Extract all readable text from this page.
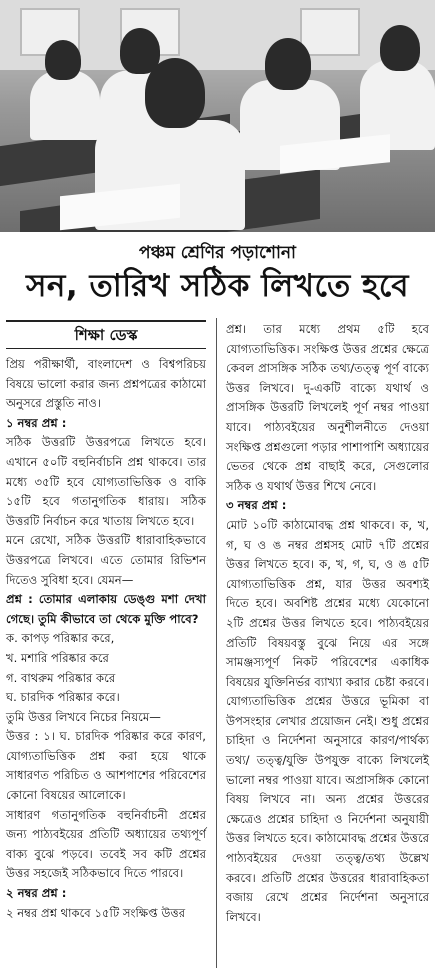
পঞ্চম শ্রেণির পড়াশোনা
সন, তারিখ সঠিক লিখতে হবে
শিক্ষা ডেস্ক
প্রিয় পরীক্ষার্থী, বাংলাদেশ ও বিশ্বপরিচয় বিষয়ে ভালো করার জন্য প্রশ্নপত্রের কাঠামো অনুসরে প্রস্তুতি নাও।
১ নম্বর প্রশ্ন :
সঠিক উত্তরটি উত্তরপত্রে লিখতে হবে। এখানে ৫০টি বহুনির্বাচনি প্রশ্ন থাকবে। তার মধ্যে ৩৫টি হবে যোগ্যতাভিত্তিক ও বাকি ১৫টি হবে গতানুগতিক ধারায়। সঠিক উত্তরটি নির্বাচন করে খাতায় লিখতে হবে।
মনে রেখো, সঠিক উত্তরটি ধারাবাহিকভাবে উত্তরপত্রে লিখবে। এতে তোমার রিভিশন দিতেও সুবিধা হবে। যেমন—
প্রশ্ন : তোমার এলাকায় ডেঙ্গু মশা দেখা গেছে। তুমি কীভাবে তা থেকে মুক্তি পাবে?
ক. কাপড় পরিষ্কার করে,
খ. মশারি পরিষ্কার করে
গ. বাথরুম পরিষ্কার করে
ঘ. চারদিক পরিষ্কার করে।
তুমি উত্তর লিখবে নিচের নিয়মে—
উত্তর : ১। ঘ. চারদিক পরিষ্কার করে কারণ, যোগ্যতাভিত্তিক প্রশ্ন করা হয়ে থাকে সাধারণত পরিচিত ও আশপাশের পরিবেশের কোনো বিষয়ের আলোকে।
সাধারণ গতানুগতিক বহুনির্বাচনী প্রশ্নের জন্য পাঠ্যবইয়ের প্রতিটি অধ্যায়ের তথ্যপূর্ণ বাক্য বুঝে পড়বে। তবেই সব কটি প্রশ্নের উত্তর সহজেই সঠিকভাবে দিতে পারবে।
২ নম্বর প্রশ্ন :
২ নম্বর প্রশ্ন থাকবে ১৫টি সংক্ষিপ্ত উত্তর
প্রশ্ন। তার মধ্যে প্রথম ৫টি হবে যোগ্যতাভিত্তিক। সংক্ষিপ্ত উত্তর প্রশ্নের ক্ষেত্রে কেবল প্রাসঙ্গিক সঠিক তথ্য/তত্ত্ব পূর্ণ বাক্যে উত্তর লিখবে। দু-একটি বাক্যে যথার্থ ও প্রাসঙ্গিক উত্তরটি লিখলেই পূর্ণ নম্বর পাওয়া যাবে। পাঠ্যবইয়ের অনুশীলনীতে দেওয়া সংক্ষিপ্ত প্রশ্নগুলো পড়ার পাশাপাশি অধ্যায়ের ভেতর থেকে প্রশ্ন বাছাই করে, সেগুলোর সঠিক ও যথার্থ উত্তর শিখে নেবে।
৩ নম্বর প্রশ্ন :
মোট ১০টি কাঠামোবদ্ধ প্রশ্ন থাকবে। ক, খ, গ, ঘ ও ঙ নম্বর প্রশ্নসহ মোট ৭টি প্রশ্নের উত্তর লিখতে হবে। ক, খ, গ, ঘ, ও ঙ ৫টি যোগ্যতাভিত্তিক প্রশ্ন, যার উত্তর অবশ্যই দিতে হবে। অবশিষ্ট প্রশ্নের মধ্যে যেকোনো ২টি প্রশ্নের উত্তর লিখতে হবে। পাঠ্যবইয়ের প্রতিটি বিষয়বস্তু বুঝে নিয়ে এর সঙ্গে সামঞ্জস্যপূর্ণ নিকট পরিবেশের একাধিক বিষয়ের যুক্তিনির্ভর ব্যাখ্যা করার চেষ্টা করবে। যোগ্যতাভিত্তিক প্রশ্নের উত্তরে ভূমিকা বা উপসংহার লেখার প্রয়োজন নেই। শুধু প্রশ্নের চাহিদা ও নির্দেশনা অনুসারে কারণ/পার্থক্য তথ্য/ তত্ত্ব/যুক্তি উপযুক্ত বাক্যে লিখলেই ভালো নম্বর পাওয়া যাবে। অপ্রাসঙ্গিক কোনো বিষয় লিখবে না। অন্য প্রশ্নের উত্তরের ক্ষেত্রেও প্রশ্নের চাহিদা ও নির্দেশনা অনুযায়ী উত্তর লিখতে হবে। কাঠামোবদ্ধ প্রশ্নের উত্তরে পাঠ্যবইয়ের দেওয়া তত্ত্ব/তথ্য উল্লেখ করবে। প্রতিটি প্রশ্নের উত্তরের ধারাবাহিকতা বজায় রেখে প্রশ্নের নির্দেশনা অনুসারে লিখবে।
